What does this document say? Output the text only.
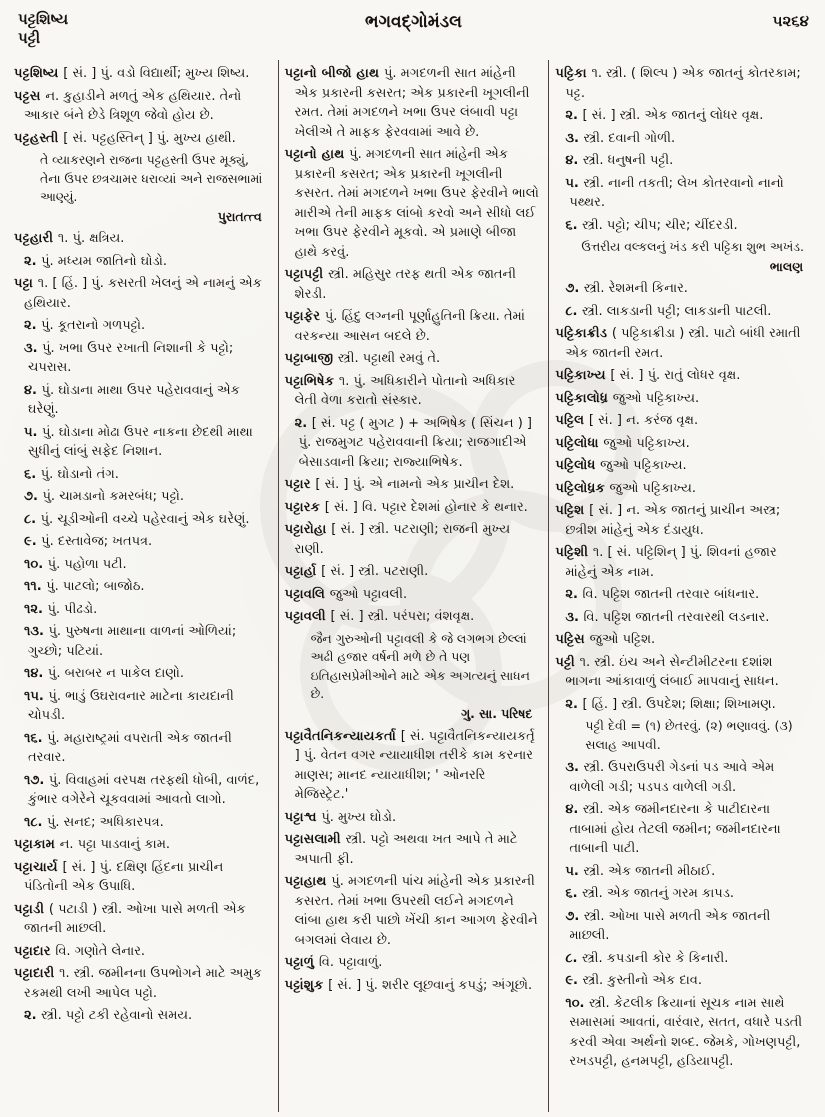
પટ્ટશિષ્ય
પટ્ટી
ભગવદ્ગોમંડલ	૫૨૬૪

પટ્ટશિષ્ય [ સં. ] પું. વડો વિદ્યાર્થી; મુખ્ય શિષ્ય.

પટ્ટસ ન. કુહાડીને મળતું એક હથિયાર. તેનો આકાર બંને છેડે ત્રિશૂળ જેવો હોય છે.

પટ્ટહસ્તી [ સં. પટ્ટહસ્તિન્ ] પું. મુખ્ય હાથી.

તે વ્યાકરણને રાજના પટ્ટહસ્તી ઉપર મૂક્યું, તેના ઉપર છત્રચામર ધરાવ્યાં અને રાજસભામાં આણ્યું.

પુરાતત્ત્વ

પટ્ટહારી ૧. પું. ક્ષત્રિય.

૨. પું. મધ્યમ જાતિનો ઘોડો.

પટ્ટા ૧. [ હિં. ] પું. કસરતી ખેલનું એ નામનું એક હથિયાર.

૨. પું. કૂતરાનો ગળપટ્ટો.

૩. પું. ખભા ઉપર રખાતી નિશાની કે પટ્ટો; ચપરાસ.

૪. પું. ઘોડાના માથા ઉપર પહેરાવવાનું એક ઘરેણું.

૫. પું. ઘોડાના મોઢા ઉપર નાકના છેદથી માથા સુધીનું લાંબું સફેદ નિશાન.

૬. પું. ઘોડાનો તંગ.

૭. પું. ચામડાનો કમરબંધ; પટ્ટો.

૮. પું. ચૂડીઓની વચ્ચે પહેરવાનું એક ઘરેણું.

૯. પું. દસ્તાવેજ; ખતપત્ર.

૧૦. પું. પહોળા પટી.

૧૧. પું. પાટલો; બાજોઠ.

૧૨. પું. પીઢડો.

૧૩. પું. પુરુષના માથાના વાળનાં ઓળિયાં; ગુચ્છો; પટિયાં.

૧૪. પું. બરાબર ન પાકેલ દાણો.

૧૫. પું. ભાડું ઉઘરાવનાર માટેના કાયદાની ચોપડી.

૧૬. પું. મહારાષ્ટ્રમાં વપરાતી એક જાતની તરવાર.

૧૭. પું. વિવાહમાં વરપક્ષ તરફથી ધોબી, વાળંદ, કુંભાર વગેરેને ચૂકવવામાં આવતો લાગો.

૧૮. પું. સનદ; અધિકારપત્ર.

પટ્ટાકામ ન. પટ્ટા પાડવાનું કામ.

પટ્ટાચાર્ય [ સં. ] પું. દક્ષિણ હિંદના પ્રાચીન પંડિતોની એક ઉપાધિ.

પટ્ટાડી ( પટાડી ) સ્ત્રી. ઓખા પાસે મળતી એક જાતની માછલી.

પટ્ટાદાર વિ. ગણોતે લેનાર.

પટ્ટાદારી ૧. સ્ત્રી. જમીનના ઉપભોગને માટે અમુક રકમથી લખી આપેલ પટ્ટો.

૨. સ્ત્રી. પટ્ટો ટકી રહેવાનો સમય.

પટ્ટાનો બીજો હાથ પું. મગદળની સાત માંહેની એક પ્રકારની કસરત; એક પ્રકારની ખૂગલીની રમત. તેમાં મગદળને ખભા ઉપર લંબાવી પટ્ટા ખેલીએ તે માફક ફેરવવામાં આવે છે.

પટ્ટાનો હાથ પું. મગદળની સાત માંહેની એક પ્રકારની કસરત; એક પ્રકારની ખૂગલીની કસરત. તેમાં મગદળને ખભા ઉપર ફેરવીને ભાલો મારીએ તેની માફક લાંબો કરવો અને સીધો લઈ ખભા ઉપર ફેરવીને મૂકવો. એ પ્રમાણે બીજા હાથે કરવું.

પટ્ટાપટ્ટી સ્ત્રી. મહિસુર તરફ થતી એક જાતની શેરડી.

પટ્ટાફેર પું. હિંદુ લગ્નની પૂર્ણાહુતિની ક્રિયા. તેમાં વરકન્યા આસન બદલે છે.

પટ્ટાબાજી સ્ત્રી. પટ્ટાથી રમવું તે.

પટ્ટાભિષેક ૧. પું. અધિકારીને પોતાનો અધિકાર લેતી વેળા કરાતો સંસ્કાર.

૨. [ સં. પટ્ટ ( મુગટ ) + અભિષેક ( સિંચન ) ] પું. રાજમુગટ પહેરાવવાની ક્રિયા; રાજગાદીએ બેસાડવાની ક્રિયા; રાજ્યાભિષેક.

પટ્ટાર [ સં. ] પું. એ નામનો એક પ્રાચીન દેશ.

પટ્ટારક [ સં. ] વિ. પટ્ટાર દેશમાં હોનાર કે થનાર.

પટ્ટારોહા [ સં. ] સ્ત્રી. પટરાણી; રાજની મુખ્ય રાણી.

પટ્ટાર્હા [ સં. ] સ્ત્રી. પટરાણી.

પટ્ટાવલિ જુઓ પટ્ટાવલી.

પટ્ટાવલી [ સં. ] સ્ત્રી. પરંપરા; વંશવૃક્ષ.

જૈન ગુરુઓની પટ્ટાવલી કે જે લગભગ છેલ્લાં અઢી હજાર વર્ષની મળે છે તે પણ ઇતિહાસપ્રેમીઓને માટે એક અગત્યનું સાધન છે.

ગુ. સા. પરિષદ

પટ્ટાવૈતનિકન્યાયકર્તા [ સં. પટ્ટાવૈતનિકન્યાયકર્તૃ ] પું. વેતન વગર ન્યાયાધીશ તરીકે કામ કરનાર માણસ; માનદ ન્યાયાધીશ; ' ઓનરરિ મેજિસ્ટ્રેટ.'

પટ્ટાશ્વ પું. મુખ્ય ઘોડો.

પટ્ટાસલામી સ્ત્રી. પટ્ટો અથવા ખત આપે તે માટે અપાતી ફી.

પટ્ટાહાથ પું. મગદળની પાંચ માંહેની એક પ્રકારની કસરત. તેમાં ખભા ઉપરથી લઈને મગદળને લાંબા હાથ કરી પાછો ખેંચી કાન આગળ ફેરવીને બગલમાં લેવાય છે.

પટ્ટાળું વિ. પટ્ટાવાળું.

પટ્ટાંશુક [ સં. ] પું. શરીર લૂછવાનું કપડું; અંગૂછો.

પટ્ટિકા ૧. સ્ત્રી. ( શિલ્પ ) એક જાતનું કોતરકામ; પટ્ટ.

૨. [ સં. ] સ્ત્રી. એક જાતનું લોધર વૃક્ષ.

૩. સ્ત્રી. દવાની ગોળી.

૪. સ્ત્રી. ધનુષની પટ્ટી.

૫. સ્ત્રી. નાની તકતી; લેખ કોતરવાનો નાનો પથ્થર.

૬. સ્ત્રી. પટ્ટો; ચીપ; ચીર; ચીંદરડી.

ઉત્તરીય વલ્કલનું ખંડ કરી પટ્ટિકા શુભ અખંડ.

ભાલણ

૭. સ્ત્રી. રેશમની કિનાર.

૮. સ્ત્રી. લાકડાની પટ્ટી; લાકડાની પાટલી.

પટ્ટિકાક્રીડ ( પટ્ટિકાક્રીડા ) સ્ત્રી. પાટો બાંધી રમાતી એક જાતની રમત.

પટ્ટિકાખ્ય [ સં. ] પું. રાતું લોધર વૃક્ષ.

પટ્ટિકાલોધ્ર જુઓ પટ્ટિકાખ્ય.

પટ્ટિલ [ સં. ] ન. કરંજ વૃક્ષ.

પટ્ટિલોધા જુઓ પટ્ટિકાખ્ય.

પટ્ટિલોધ જુઓ પટ્ટિકાખ્ય.

પટ્ટિલોધ્રક જુઓ પટ્ટિકાખ્ય.

પટ્ટિશ [ સં. ] ન. એક જાતનું પ્રાચીન અસ્ત્ર; છત્રીશ માંહેનું એક દંડાયુધ.

પટ્ટિશી ૧. [ સં. પટ્ટિશિન્ ] પું. શિવનાં હજાર માંહેનું એક નામ.

૨. વિ. પટ્ટિશ જાતની તરવાર બાંધનાર.

૩. વિ. પટ્ટિશ જાતની તરવારથી લડનાર.

પટ્ટિસ જુઓ પટ્ટિશ.

પટ્ટી ૧. સ્ત્રી. ઇંચ અને સેન્ટીમીટરના દશાંશ ભાગના આંકાવાળું લંબાઈ માપવાનું સાધન.

૨. [ હિં. ] સ્ત્રી. ઉપદેશ; શિક્ષા; શિખામણ.

પટ્ટી દેવી = (૧) છેતરવું. (૨) ભણાવવું. (૩) સલાહ આપવી.

૩. સ્ત્રી. ઉપરાઉપરી ગેડનાં પડ આવે એમ વાળેલી ગડી; પડપડ વાળેલી ગડી.

૪. સ્ત્રી. એક જમીનદારના કે પાટીદારના તાબામાં હોય તેટલી જમીન; જમીનદારના તાબાની પાટી.

૫. સ્ત્રી. એક જાતની મીઠાઈ.

૬. સ્ત્રી. એક જાતનું ગરમ કાપડ.

૭. સ્ત્રી. ઓખા પાસે મળતી એક જાતની માછલી.

૮. સ્ત્રી. કપડાની કોર કે કિનારી.

૯. સ્ત્રી. કુસ્તીનો એક દાવ.

૧૦. સ્ત્રી. કેટલીક ક્રિયાનાં સૂચક નામ સાથે સમાસમાં આવતાં, વારંવાર, સતત, વધારે પડતી કરવી એવા અર્થનો શબ્દ. જેમકે, ગોખણપટ્ટી, રખડપટ્ટી, હનમપટ્ટી, હડિયાપટ્ટી.
